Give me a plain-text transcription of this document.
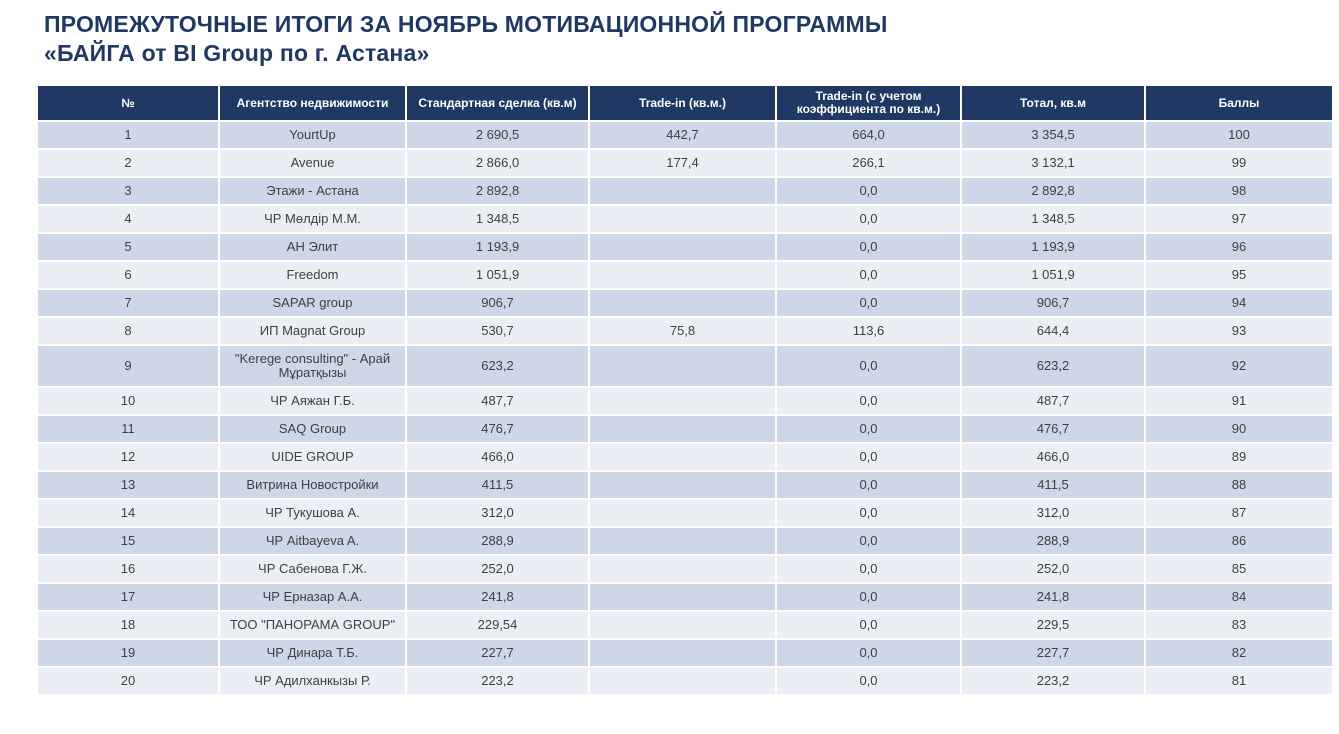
ПРОМЕЖУТОЧНЫЕ ИТОГИ ЗА НОЯБРЬ МОТИВАЦИОННОЙ ПРОГРАММЫ
«БАЙГА от BI Group по г. Астана»
№	Агентство недвижимости	Стандартная сделка (кв.м)	Trade-in (кв.м.)	Trade-in (с учетом коэффициента по кв.м.)	Тотал, кв.м	Баллы
1	YourtUp	2 690,5	442,7	664,0	3 354,5	100
2	Avenue	2 866,0	177,4	266,1	3 132,1	99
3	Этажи - Астана	2 892,8		0,0	2 892,8	98
4	ЧР Мөлдір М.М.	1 348,5		0,0	1 348,5	97
5	АН Элит	1 193,9		0,0	1 193,9	96
6	Freedom	1 051,9		0,0	1 051,9	95
7	SAPAR group	906,7		0,0	906,7	94
8	ИП Magnat Group	530,7	75,8	113,6	644,4	93
9	"Kerege consulting" - Арай Мұратқызы	623,2		0,0	623,2	92
10	ЧР Аяжан Г.Б.	487,7		0,0	487,7	91
11	SAQ Group	476,7		0,0	476,7	90
12	UIDE GROUP	466,0		0,0	466,0	89
13	Витрина Новостройки	411,5		0,0	411,5	88
14	ЧР Тукушова А.	312,0		0,0	312,0	87
15	ЧР Aitbayeva A.	288,9		0,0	288,9	86
16	ЧР Сабенова Г.Ж.	252,0		0,0	252,0	85
17	ЧР Ерназар А.А.	241,8		0,0	241,8	84
18	ТОО "ПАНОРАМА GROUP"	229,54		0,0	229,5	83
19	ЧР Динара Т.Б.	227,7		0,0	227,7	82
20	ЧР Адилханкызы Р.	223,2		0,0	223,2	81
